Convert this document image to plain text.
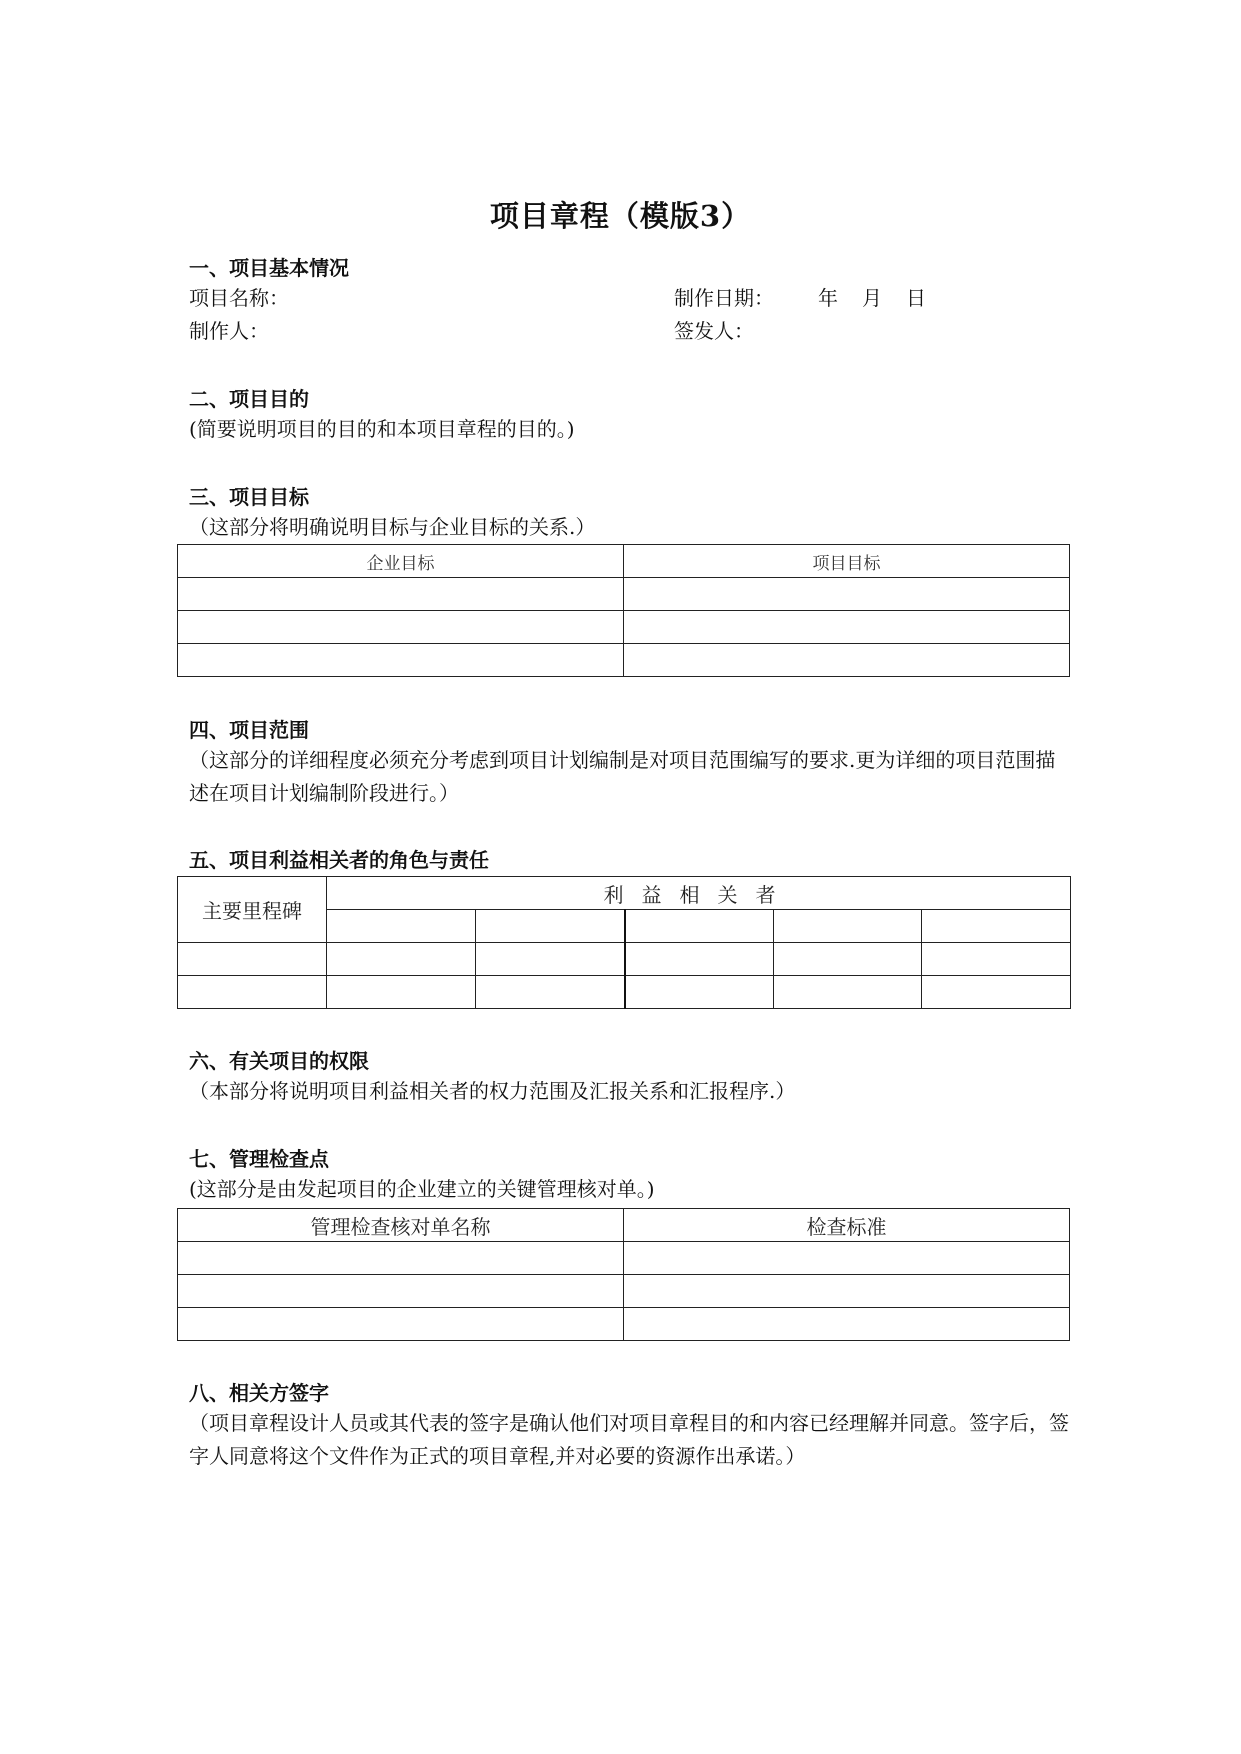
项目章程（模版3）
一、项目基本情况
项目名称：	制作日期： 年 月 日
制作人：	签发人：
二、项目目的
(简要说明项目的目的和本项目章程的目的。)
三、项目目标
（这部分将明确说明目标与企业目标的关系.）
企业目标	项目目标

四、项目范围
（这部分的详细程度必须充分考虑到项目计划编制是对项目范围编写的要求.更为详细的项目范围描述在项目计划编制阶段进行。）
五、项目利益相关者的角色与责任
主要里程碑	利益相关者				

六、有关项目的权限
（本部分将说明项目利益相关者的权力范围及汇报关系和汇报程序.）
七、管理检查点
(这部分是由发起项目的企业建立的关键管理核对单。)
管理检查核对单名称	检查标准

八、相关方签字
（项目章程设计人员或其代表的签字是确认他们对项目章程目的和内容已经理解并同意。签字后，签字人同意将这个文件作为正式的项目章程,并对必要的资源作出承诺。）
